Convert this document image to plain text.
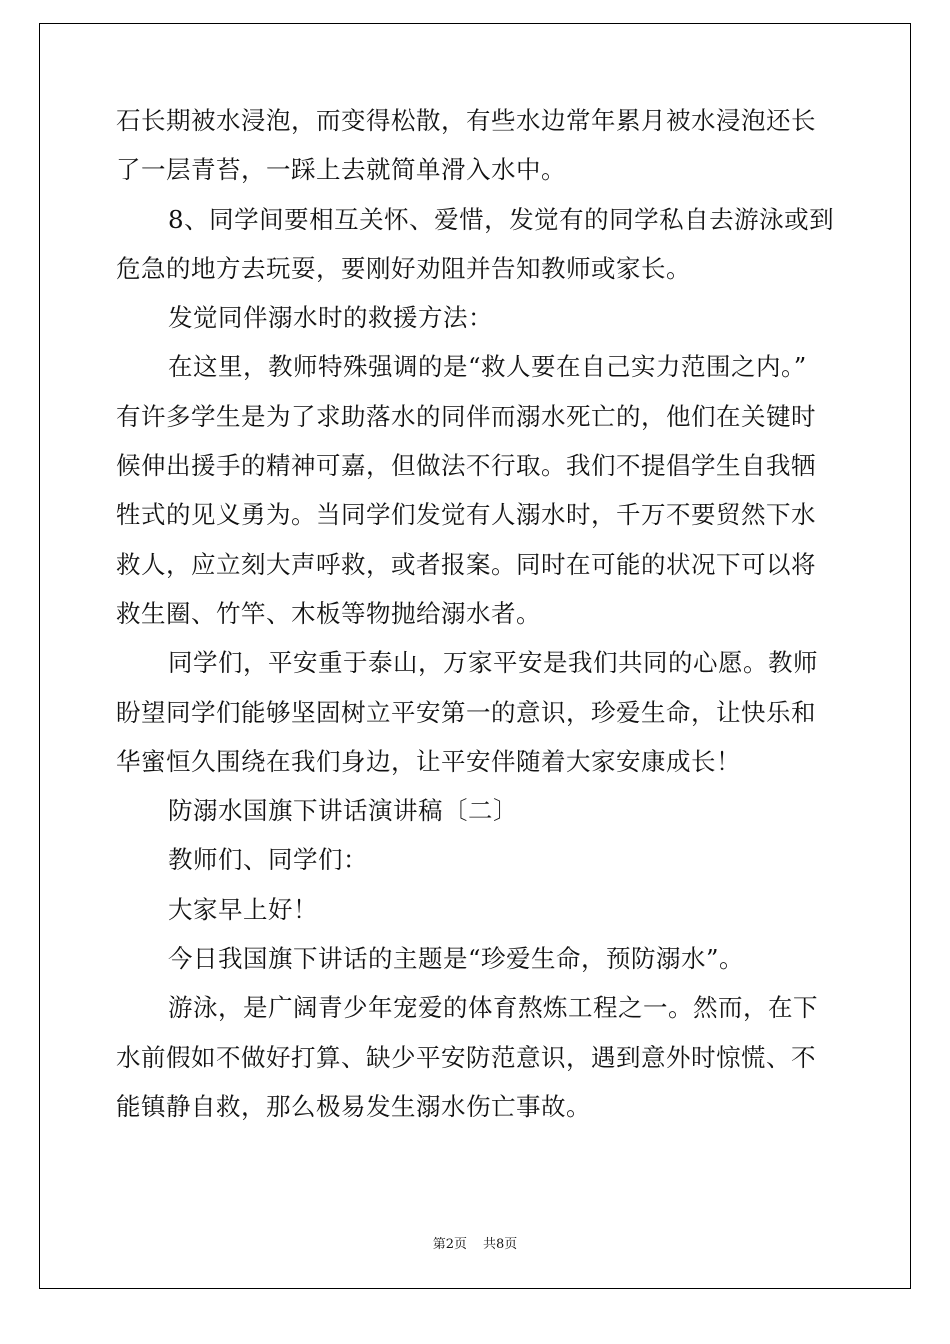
石长期被水浸泡，而变得松散，有些水边常年累月被水浸泡还长
了一层青苔，一踩上去就简单滑入水中。

8、同学间要相互关怀、爱惜，发觉有的同学私自去游泳或到
危急的地方去玩耍，要刚好劝阻并告知教师或家长。

发觉同伴溺水时的救援方法：

在这里，教师特殊强调的是“救人要在自己实力范围之内。”
有许多学生是为了求助落水的同伴而溺水死亡的，他们在关键时
候伸出援手的精神可嘉，但做法不行取。我们不提倡学生自我牺
牲式的见义勇为。当同学们发觉有人溺水时，千万不要贸然下水
救人，应立刻大声呼救，或者报案。同时在可能的状况下可以将
救生圈、竹竿、木板等物抛给溺水者。

同学们，平安重于泰山，万家平安是我们共同的心愿。教师
盼望同学们能够坚固树立平安第一的意识，珍爱生命，让快乐和
华蜜恒久围绕在我们身边，让平安伴随着大家安康成长！

防溺水国旗下讲话演讲稿〔二〕

教师们、同学们：

大家早上好！

今日我国旗下讲话的主题是“珍爱生命，预防溺水”。

游泳，是广阔青少年宠爱的体育熬炼工程之一。然而，在下
水前假如不做好打算、缺少平安防范意识，遇到意外时惊慌、不
能镇静自救，那么极易发生溺水伤亡事故。

第2页 共8页
